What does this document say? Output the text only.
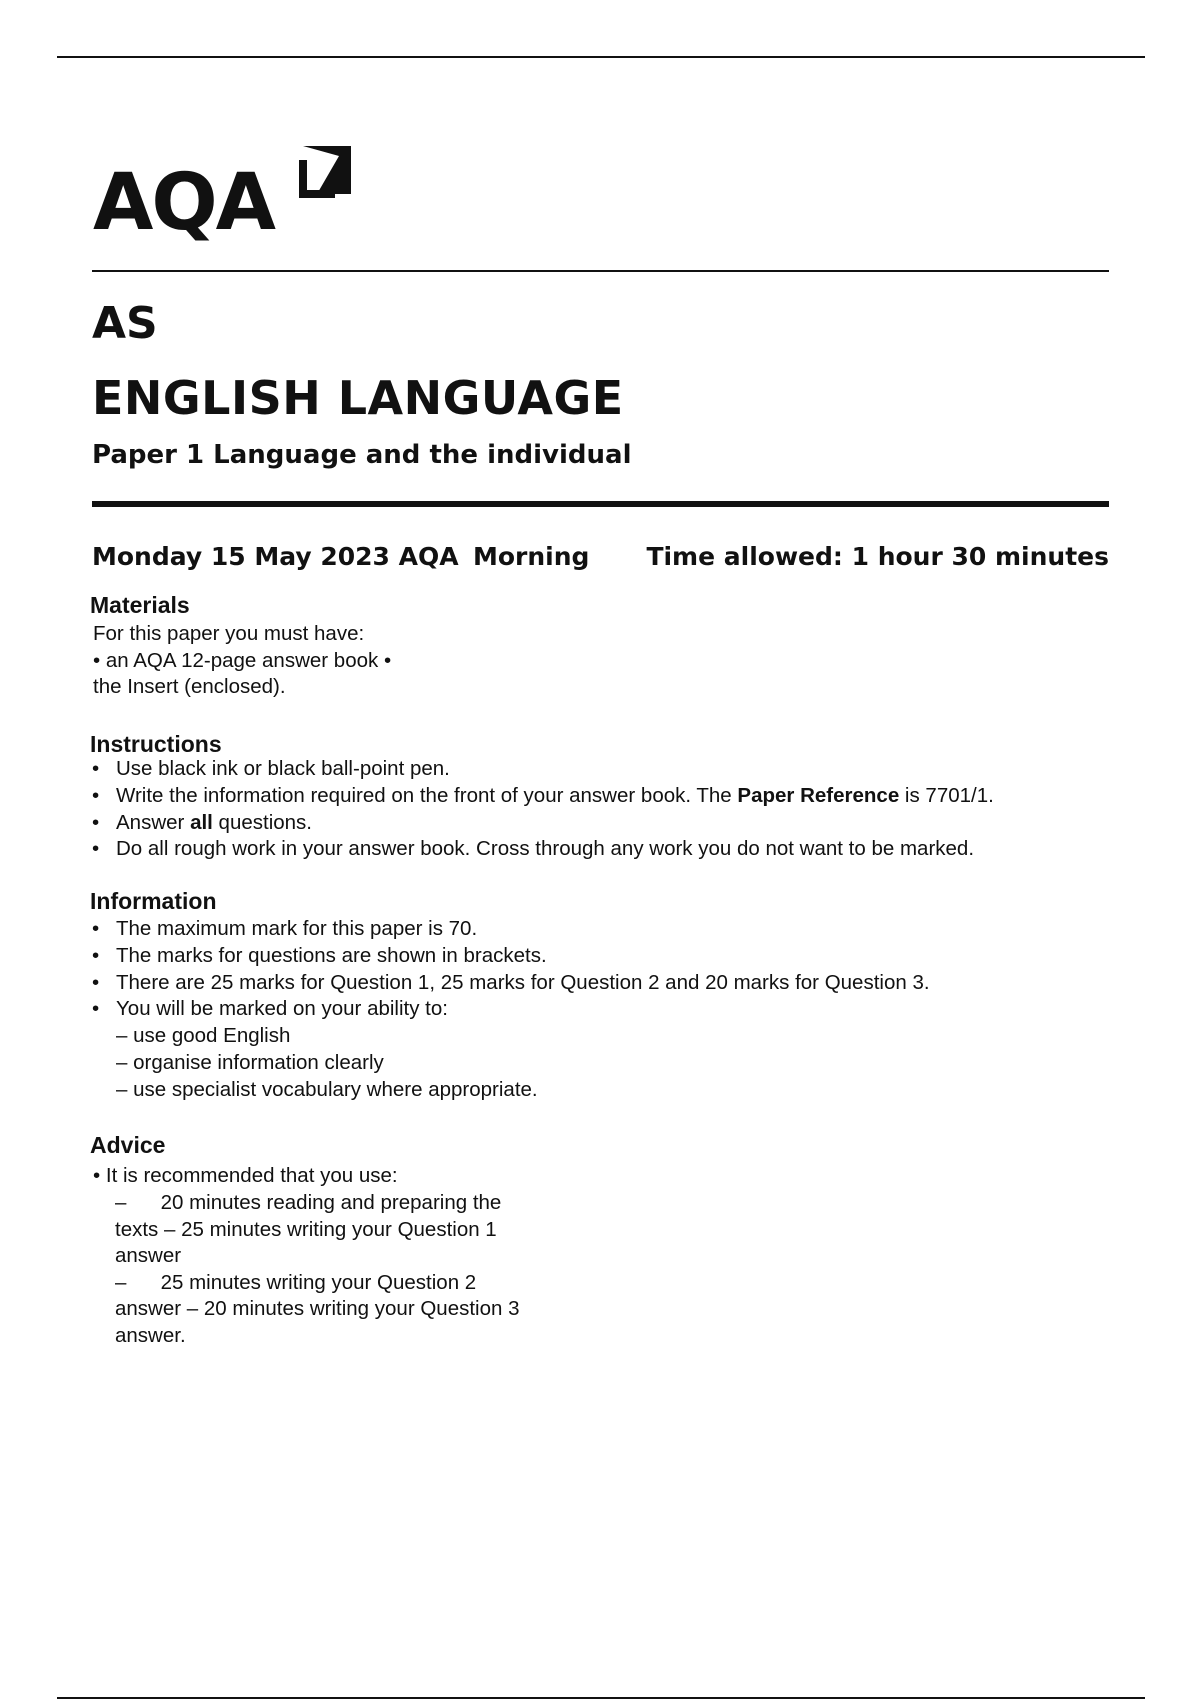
AQA
AS
ENGLISH LANGUAGE
Paper 1 Language and the individual
Monday 15 May 2023 AQA Morning Time allowed: 1 hour 30 minutes
Materials
For this paper you must have:
• an AQA 12-page answer book •
the Insert (enclosed).
Instructions
• Use black ink or black ball-point pen.
• Write the information required on the front of your answer book. The Paper Reference is 7701/1.
• Answer all questions.
• Do all rough work in your answer book. Cross through any work you do not want to be marked.
Information
• The maximum mark for this paper is 70.
• The marks for questions are shown in brackets.
• There are 25 marks for Question 1, 25 marks for Question 2 and 20 marks for Question 3.
• You will be marked on your ability to:
– use good English
– organise information clearly
– use specialist vocabulary where appropriate.
Advice
• It is recommended that you use:
–      20 minutes reading and preparing the
texts – 25 minutes writing your Question 1
answer
–      25 minutes writing your Question 2
answer – 20 minutes writing your Question 3
answer.
